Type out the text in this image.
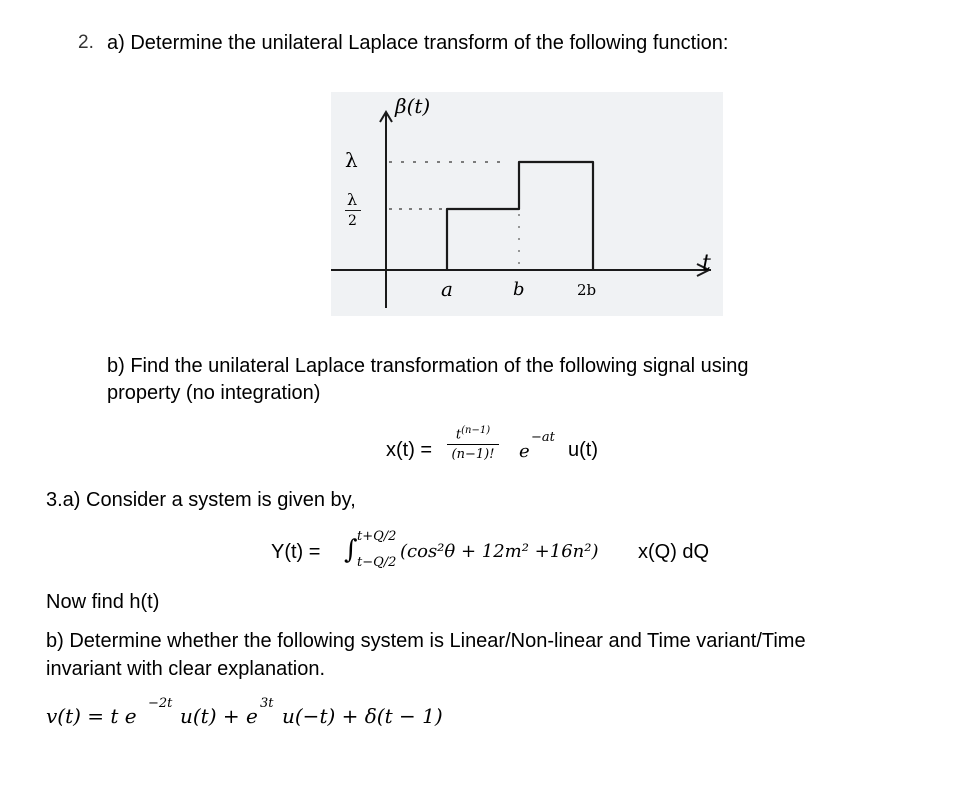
2. a) Determine the unilateral Laplace transform of the following function:
β(t)
t
λ
λ
2
a	b	2b
b) Find the unilateral Laplace transformation of the following signal using
property (no integration)
x(t) =
$t^{(n-1)}$
(n−1)! e
−at
u(t)
3.a) Consider a system is given by,
Y(t) = ∫ t+Q/2
t−Q/2
(cos²θ + 12m² +16n²) x(Q) dQ
Now find h(t)
b) Determine whether the following system is Linear/Non-linear and Time variant/Time
invariant with clear explanation.
v(t) = t e
−2t
u(t) + e
3t
u(−t) + δ(t − 1)
